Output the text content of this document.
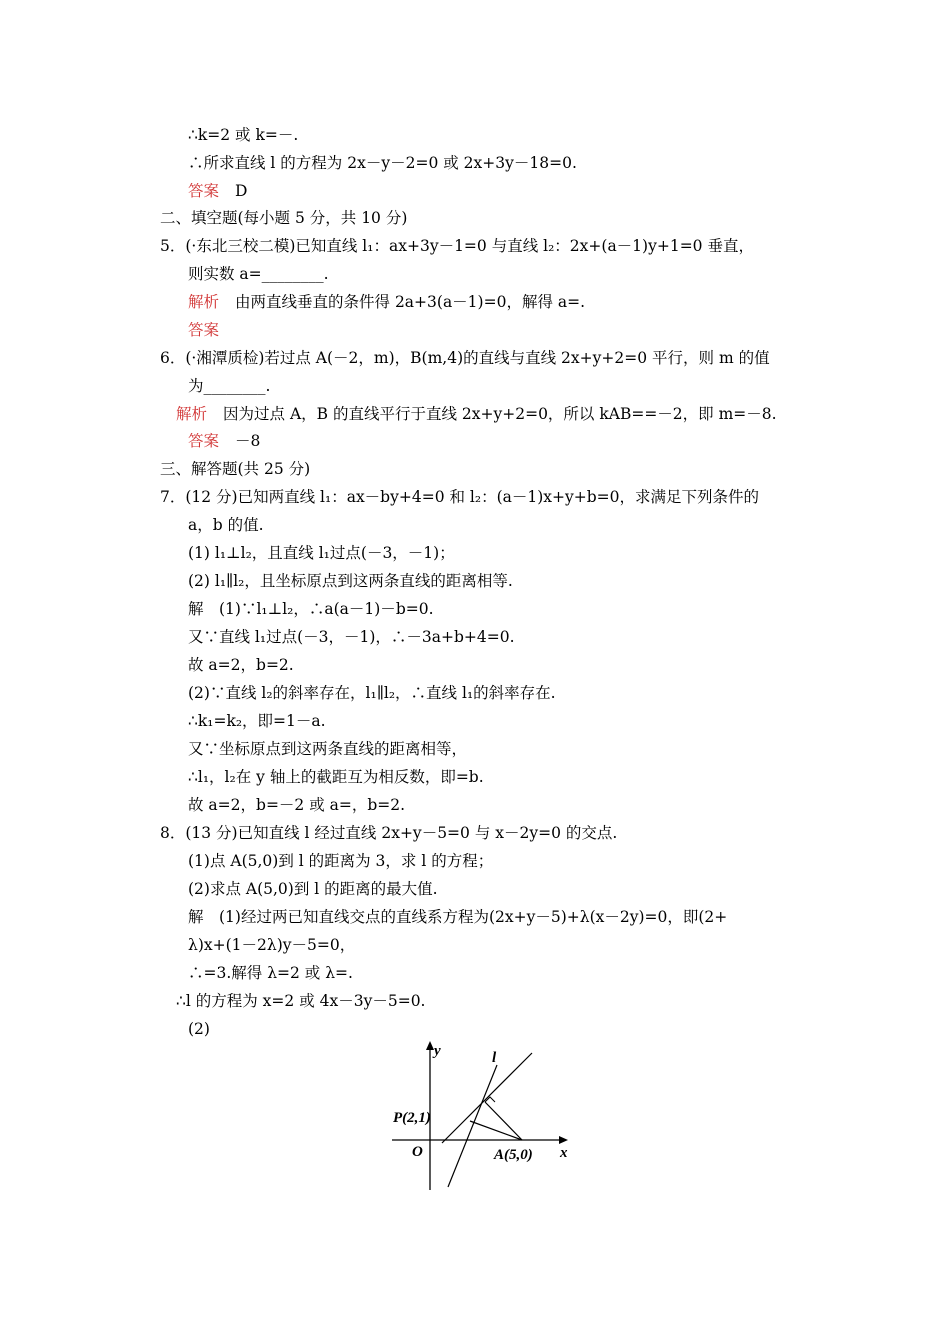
∴k=2 或 k=－.
∴所求直线 l 的方程为 2x－y－2=0 或 2x+3y－18=0.
答案 D
二、填空题(每小题 5 分，共 10 分)
5．(·东北三校二模)已知直线 l₁：ax+3y－1=0 与直线 l₂：2x+(a－1)y+1=0 垂直，
则实数 a=________.
解析 由两直线垂直的条件得 2a+3(a－1)=0，解得 a=.
答案
6．(·湘潭质检)若过点 A(－2，m)，B(m,4)的直线与直线 2x+y+2=0 平行，则 m 的值
为________.
解析 因为过点 A，B 的直线平行于直线 2x+y+2=0，所以 kAB==－2，即 m=－8.
答案 －8
三、解答题(共 25 分)
7．(12 分)已知两直线 l₁：ax－by+4=0 和 l₂：(a－1)x+y+b=0，求满足下列条件的
a，b 的值.
(1) l₁⊥l₂，且直线 l₁过点(－3，－1)；
(2) l₁∥l₂，且坐标原点到这两条直线的距离相等.
解　(1)∵l₁⊥l₂，∴a(a－1)－b=0.
又∵直线 l₁过点(－3，－1)，∴－3a+b+4=0.
故 a=2，b=2.
(2)∵直线 l₂的斜率存在，l₁∥l₂，∴直线 l₁的斜率存在.
∴k₁=k₂，即=1－a.
又∵坐标原点到这两条直线的距离相等，
∴l₁，l₂在 y 轴上的截距互为相反数，即=b.
故 a=2，b=－2 或 a=，b=2.
8．(13 分)已知直线 l 经过直线 2x+y－5=0 与 x－2y=0 的交点.
(1)点 A(5,0)到 l 的距离为 3，求 l 的方程；
(2)求点 A(5,0)到 l 的距离的最大值.
解　(1)经过两已知直线交点的直线系方程为(2x+y－5)+λ(x－2y)=0，即(2+
λ)x+(1－2λ)y－5=0，
∴=3.解得 λ=2 或 λ=.
∴l 的方程为 x=2 或 4x－3y－5=0.
(2)
y
x
l
P(2,1)
O	A(5,0)
